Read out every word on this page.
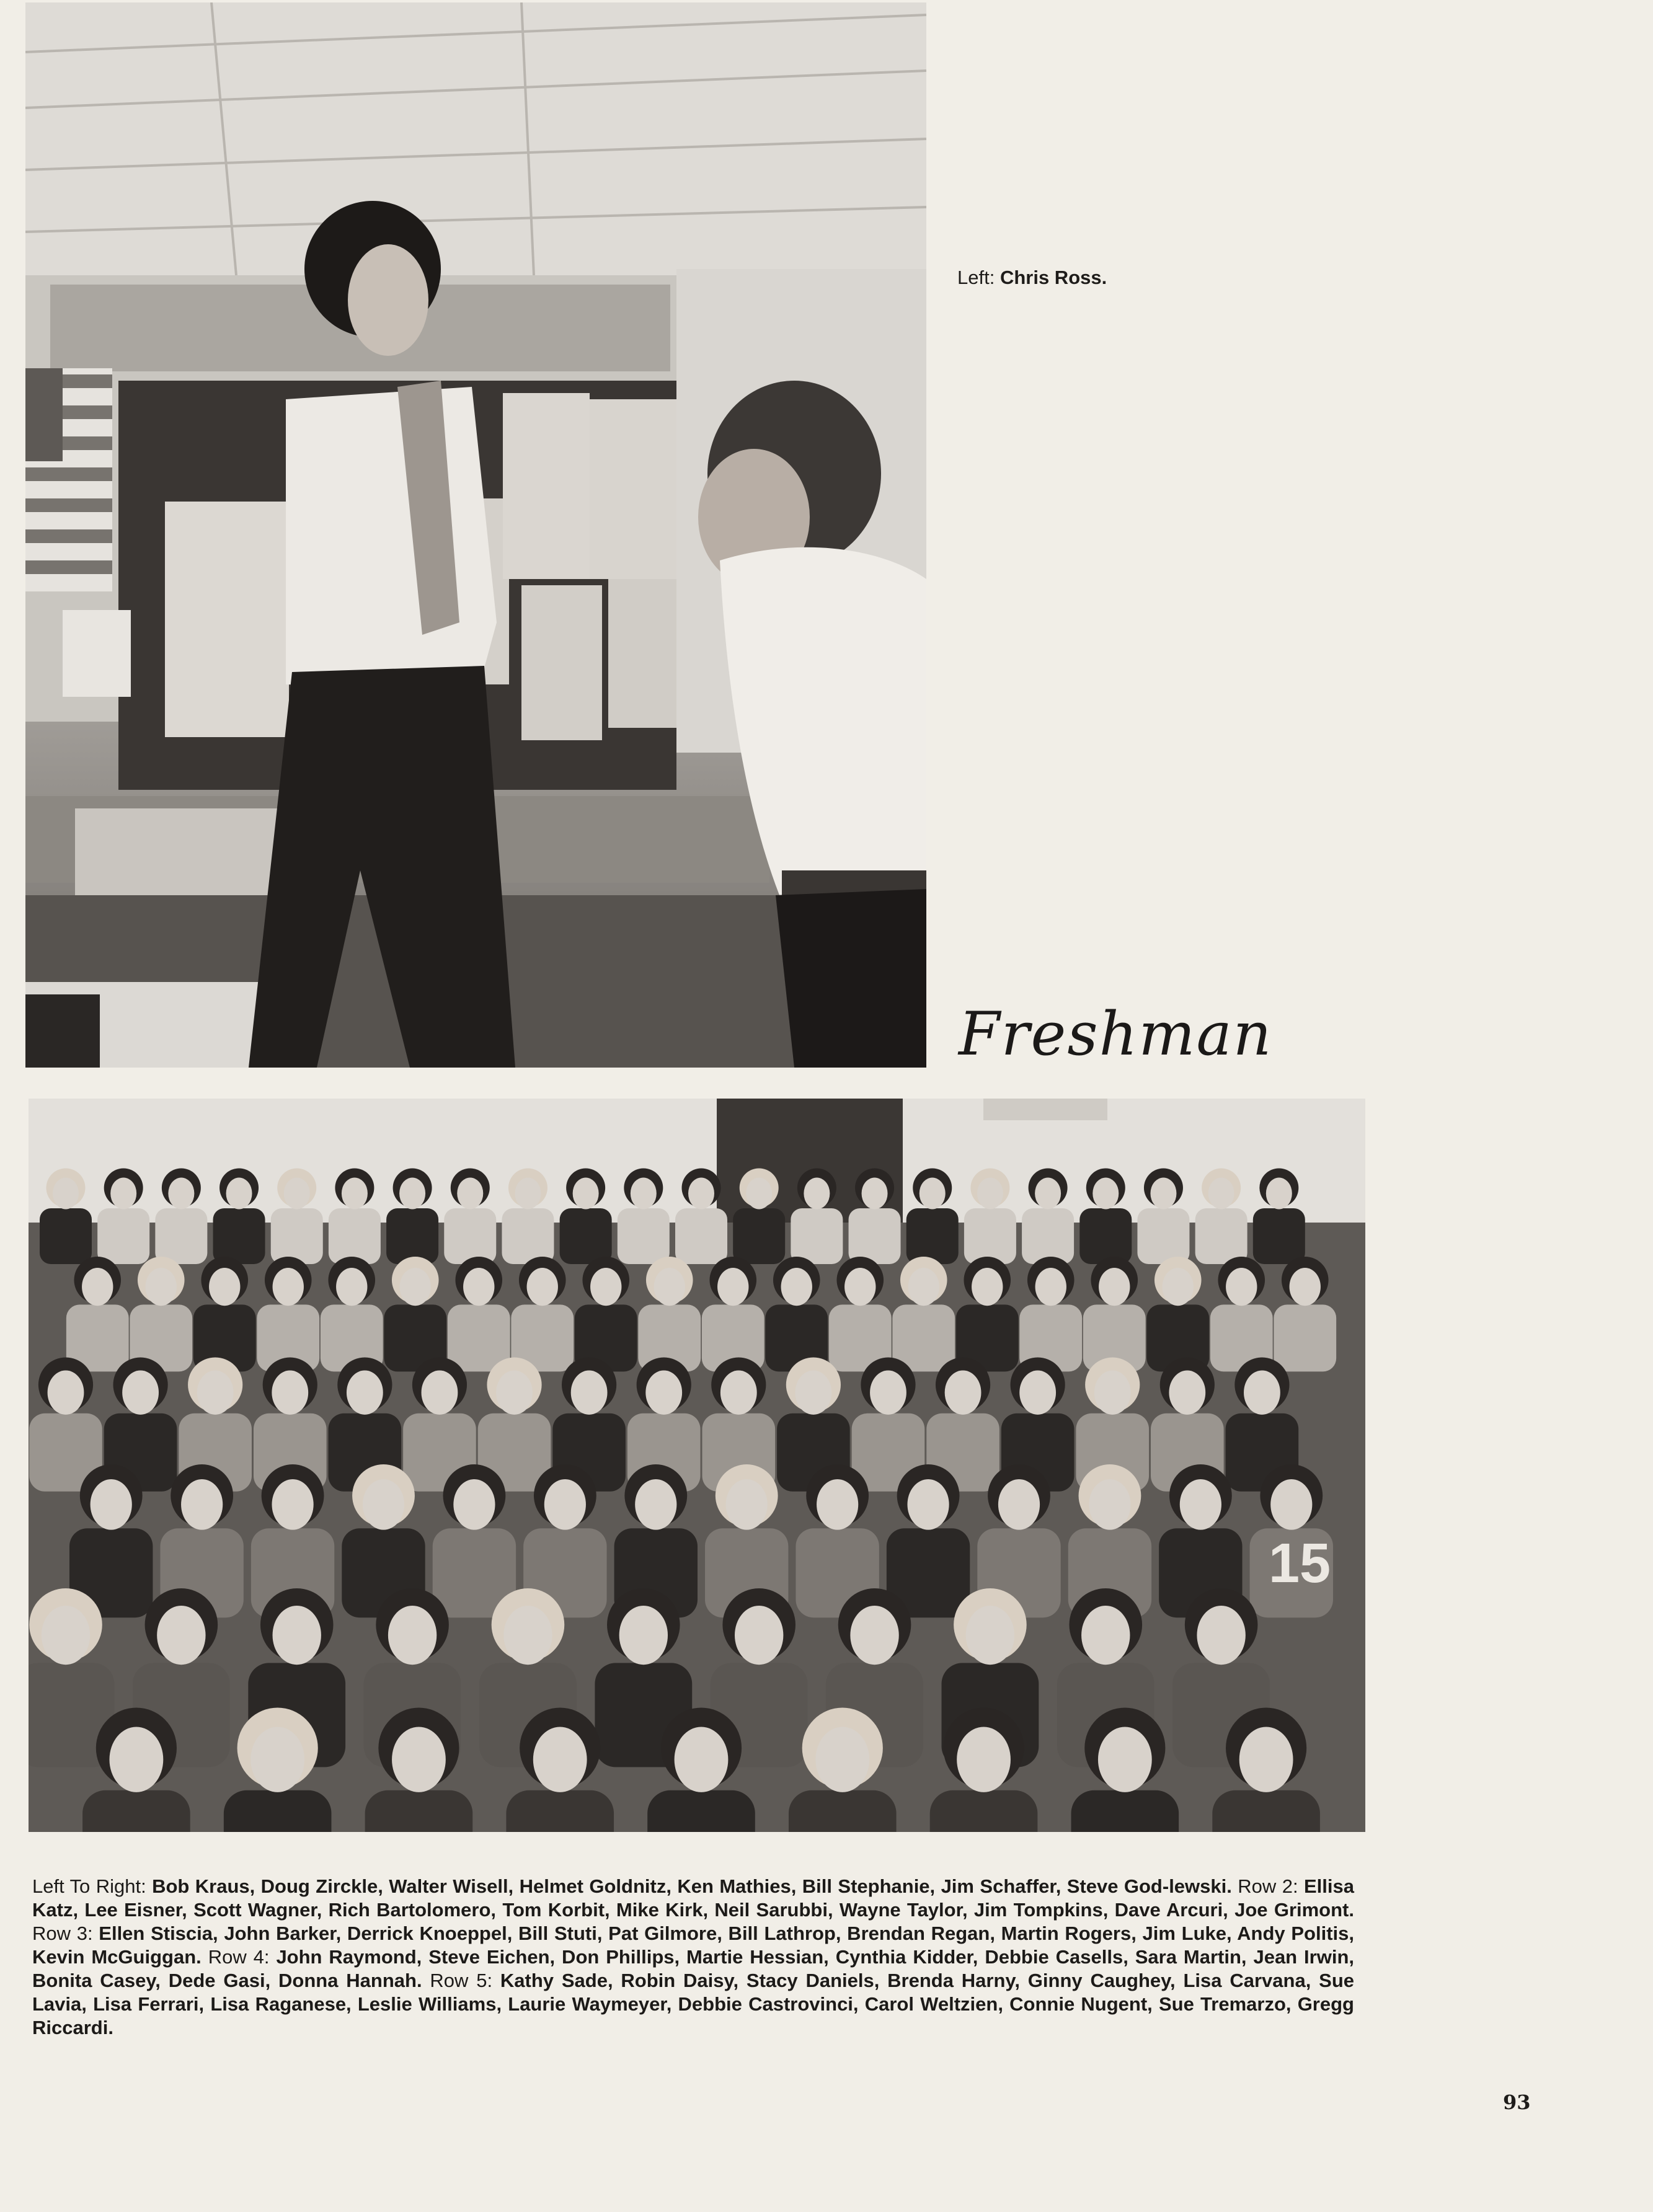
Left: Chris Ross.
Freshman
15
Left To Right: Bob Kraus, Doug Zirckle, Walter Wisell, Helmet Goldnitz, Ken Mathies, Bill Stephanie, Jim Schaffer, Steve God-lewski. Row 2: Ellisa Katz, Lee Eisner, Scott Wagner, Rich Bartolomero, Tom Korbit, Mike Kirk, Neil Sarubbi, Wayne Taylor, Jim Tompkins, Dave Arcuri, Joe Grimont. Row 3: Ellen Stiscia, John Barker, Derrick Knoeppel, Bill Stuti, Pat Gilmore, Bill Lathrop, Brendan Regan, Martin Rogers, Jim Luke, Andy Politis, Kevin McGuiggan. Row 4: John Raymond, Steve Eichen, Don Phillips, Martie Hessian, Cynthia Kidder, Debbie Casells, Sara Martin, Jean Irwin, Bonita Casey, Dede Gasi, Donna Hannah. Row 5: Kathy Sade, Robin Daisy, Stacy Daniels, Brenda Harny, Ginny Caughey, Lisa Carvana, Sue Lavia, Lisa Ferrari, Lisa Raganese, Leslie Williams, Laurie Waymeyer, Debbie Castrovinci, Carol Weltzien, Connie Nugent, Sue Tremarzo, Gregg Riccardi.
93
